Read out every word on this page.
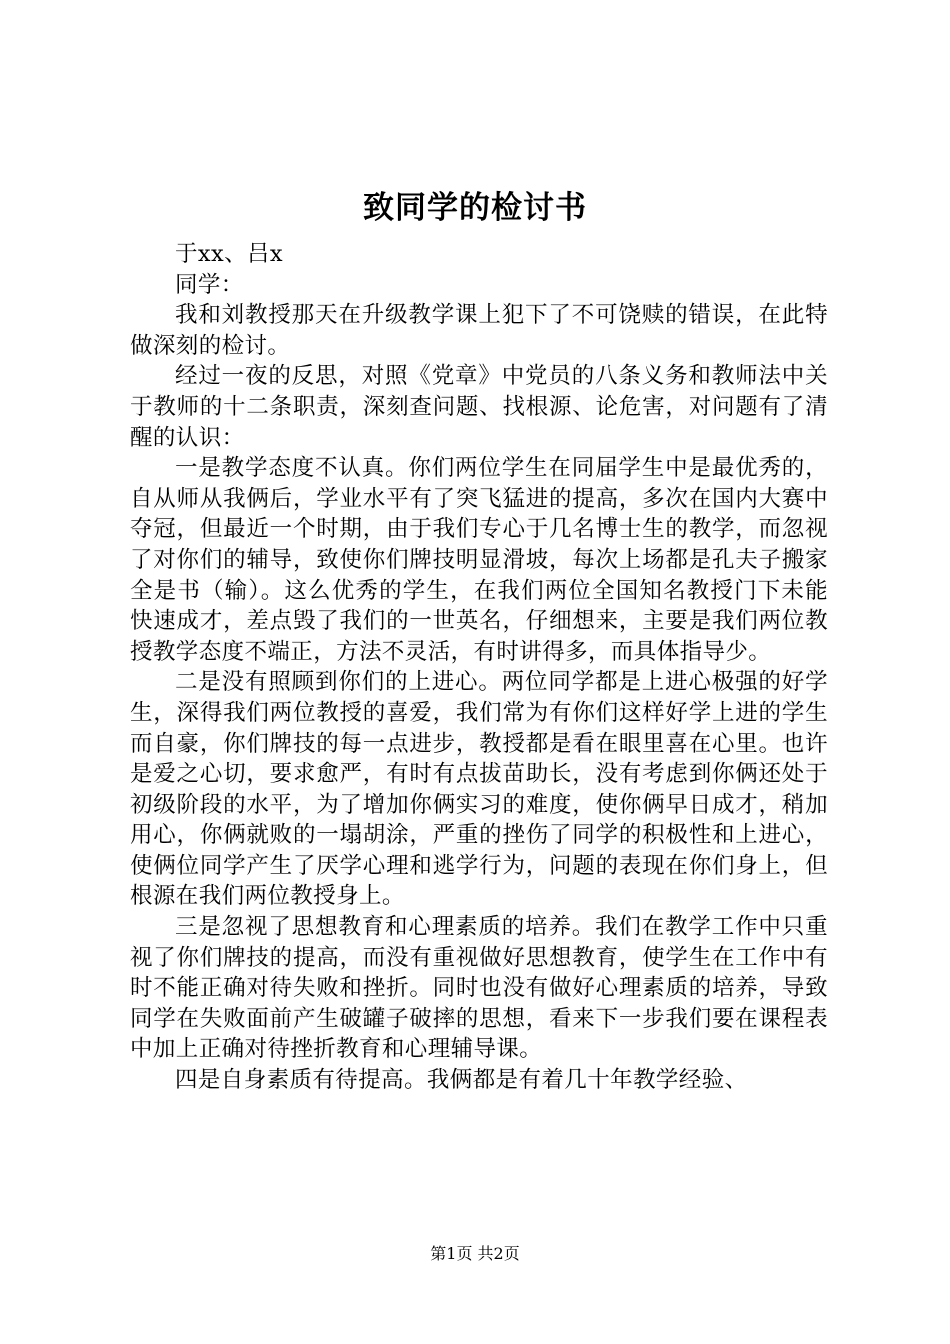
致同学的检讨书

于xx、吕x

同学：

我和刘教授那天在升级教学课上犯下了不可饶赎的错误，在此特做深刻的检讨。

经过一夜的反思，对照《党章》中党员的八条义务和教师法中关于教师的十二条职责，深刻查问题、找根源、论危害，对问题有了清醒的认识：

一是教学态度不认真。你们两位学生在同届学生中是最优秀的，自从师从我俩后，学业水平有了突飞猛进的提高，多次在国内大赛中夺冠，但最近一个时期，由于我们专心于几名博士生的教学，而忽视了对你们的辅导，致使你们牌技明显滑坡，每次上场都是孔夫子搬家全是书（输）。这么优秀的学生，在我们两位全国知名教授门下未能快速成才，差点毁了我们的一世英名，仔细想来，主要是我们两位教授教学态度不端正，方法不灵活，有时讲得多，而具体指导少。

二是没有照顾到你们的上进心。两位同学都是上进心极强的好学生，深得我们两位教授的喜爱，我们常为有你们这样好学上进的学生而自豪，你们牌技的每一点进步，教授都是看在眼里喜在心里。也许是爱之心切，要求愈严，有时有点拔苗助长，没有考虑到你俩还处于初级阶段的水平，为了增加你俩实习的难度，使你俩早日成才，稍加用心，你俩就败的一塌胡涂，严重的挫伤了同学的积极性和上进心，使俩位同学产生了厌学心理和逃学行为，问题的表现在你们身上，但根源在我们两位教授身上。

三是忽视了思想教育和心理素质的培养。我们在教学工作中只重视了你们牌技的提高，而没有重视做好思想教育，使学生在工作中有时不能正确对待失败和挫折。同时也没有做好心理素质的培养，导致同学在失败面前产生破罐子破摔的思想，看来下一步我们要在课程表中加上正确对待挫折教育和心理辅导课。

四是自身素质有待提高。我俩都是有着几十年教学经验、

第1页 共2页
